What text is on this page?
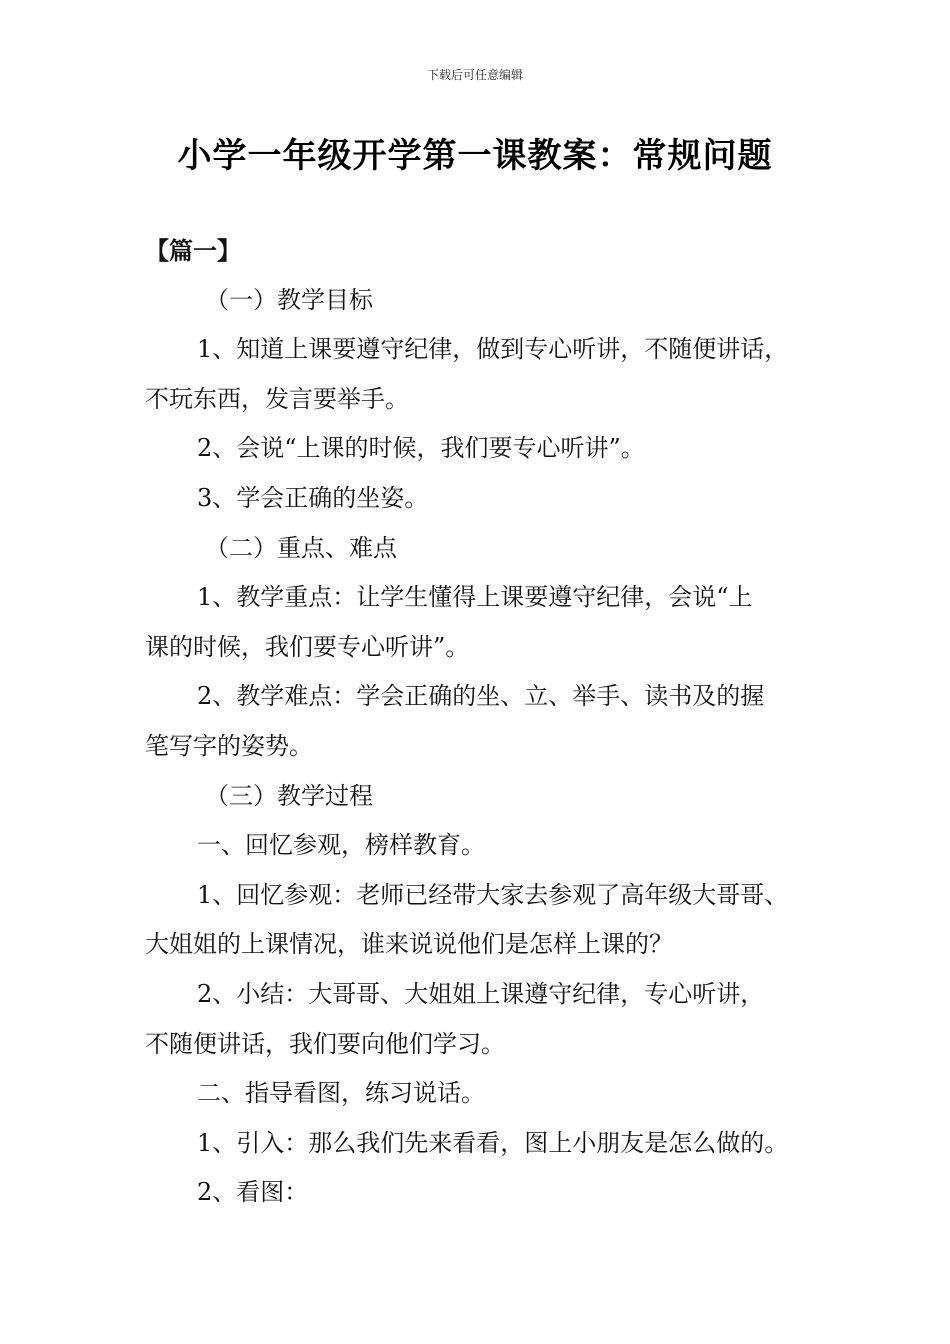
下载后可任意编辑
小学一年级开学第一课教案：常规问题
【篇一】
（一）教学目标
1、知道上课要遵守纪律，做到专心听讲，不随便讲话，
不玩东西，发言要举手。
2、会说“上课的时候，我们要专心听讲”。
3、学会正确的坐姿。
（二）重点、难点
1、教学重点：让学生懂得上课要遵守纪律，会说“上
课的时候，我们要专心听讲”。
2、教学难点：学会正确的坐、立、举手、读书及的握
笔写字的姿势。
（三）教学过程
一、回忆参观，榜样教育。
1、回忆参观：老师已经带大家去参观了高年级大哥哥、
大姐姐的上课情况，谁来说说他们是怎样上课的？
2、小结：大哥哥、大姐姐上课遵守纪律，专心听讲，
不随便讲话，我们要向他们学习。
二、指导看图，练习说话。
1、引入：那么我们先来看看，图上小朋友是怎么做的。
2、看图：
